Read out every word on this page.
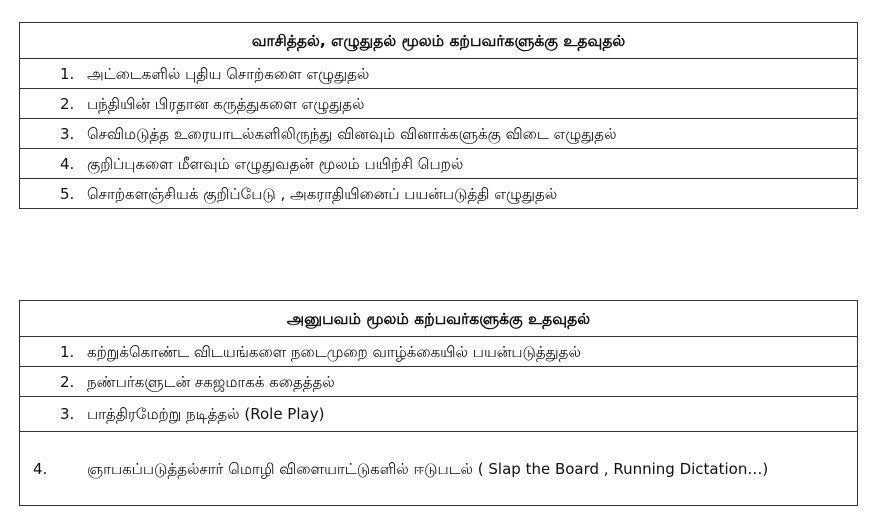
வாசித்தல், எழுதுதல் மூலம் கற்பவர்களுக்கு உதவுதல்
1. அட்டைகளில் புதிய சொற்களை எழுதுதல்
2. பந்தியின் பிரதான கருத்துகளை எழுதுதல்
3. செவிமடுத்த உரையாடல்களிலிருந்து வினவும் வினாக்களுக்கு விடை எழுதுதல்
4. குறிப்புகளை மீளவும் எழுதுவதன் மூலம் பயிற்சி பெறல்
5. சொற்களஞ்சியக் குறிப்பேடு , அகராதியினைப் பயன்படுத்தி எழுதுதல்
அனுபவம் மூலம் கற்பவர்களுக்கு உதவுதல்
1. கற்றுக்கொண்ட விடயங்களை நடைமுறை வாழ்க்கையில் பயன்படுத்துதல்
2. நண்பர்களுடன் சகஜமாகக் கதைத்தல்
3. பாத்திரமேற்று நடித்தல் (Role Play)

4.	ஞாபகப்படுத்தல்சார் மொழி விளையாட்டுகளில் ஈடுபடல் ( Slap the Board , Running Dictation…)
